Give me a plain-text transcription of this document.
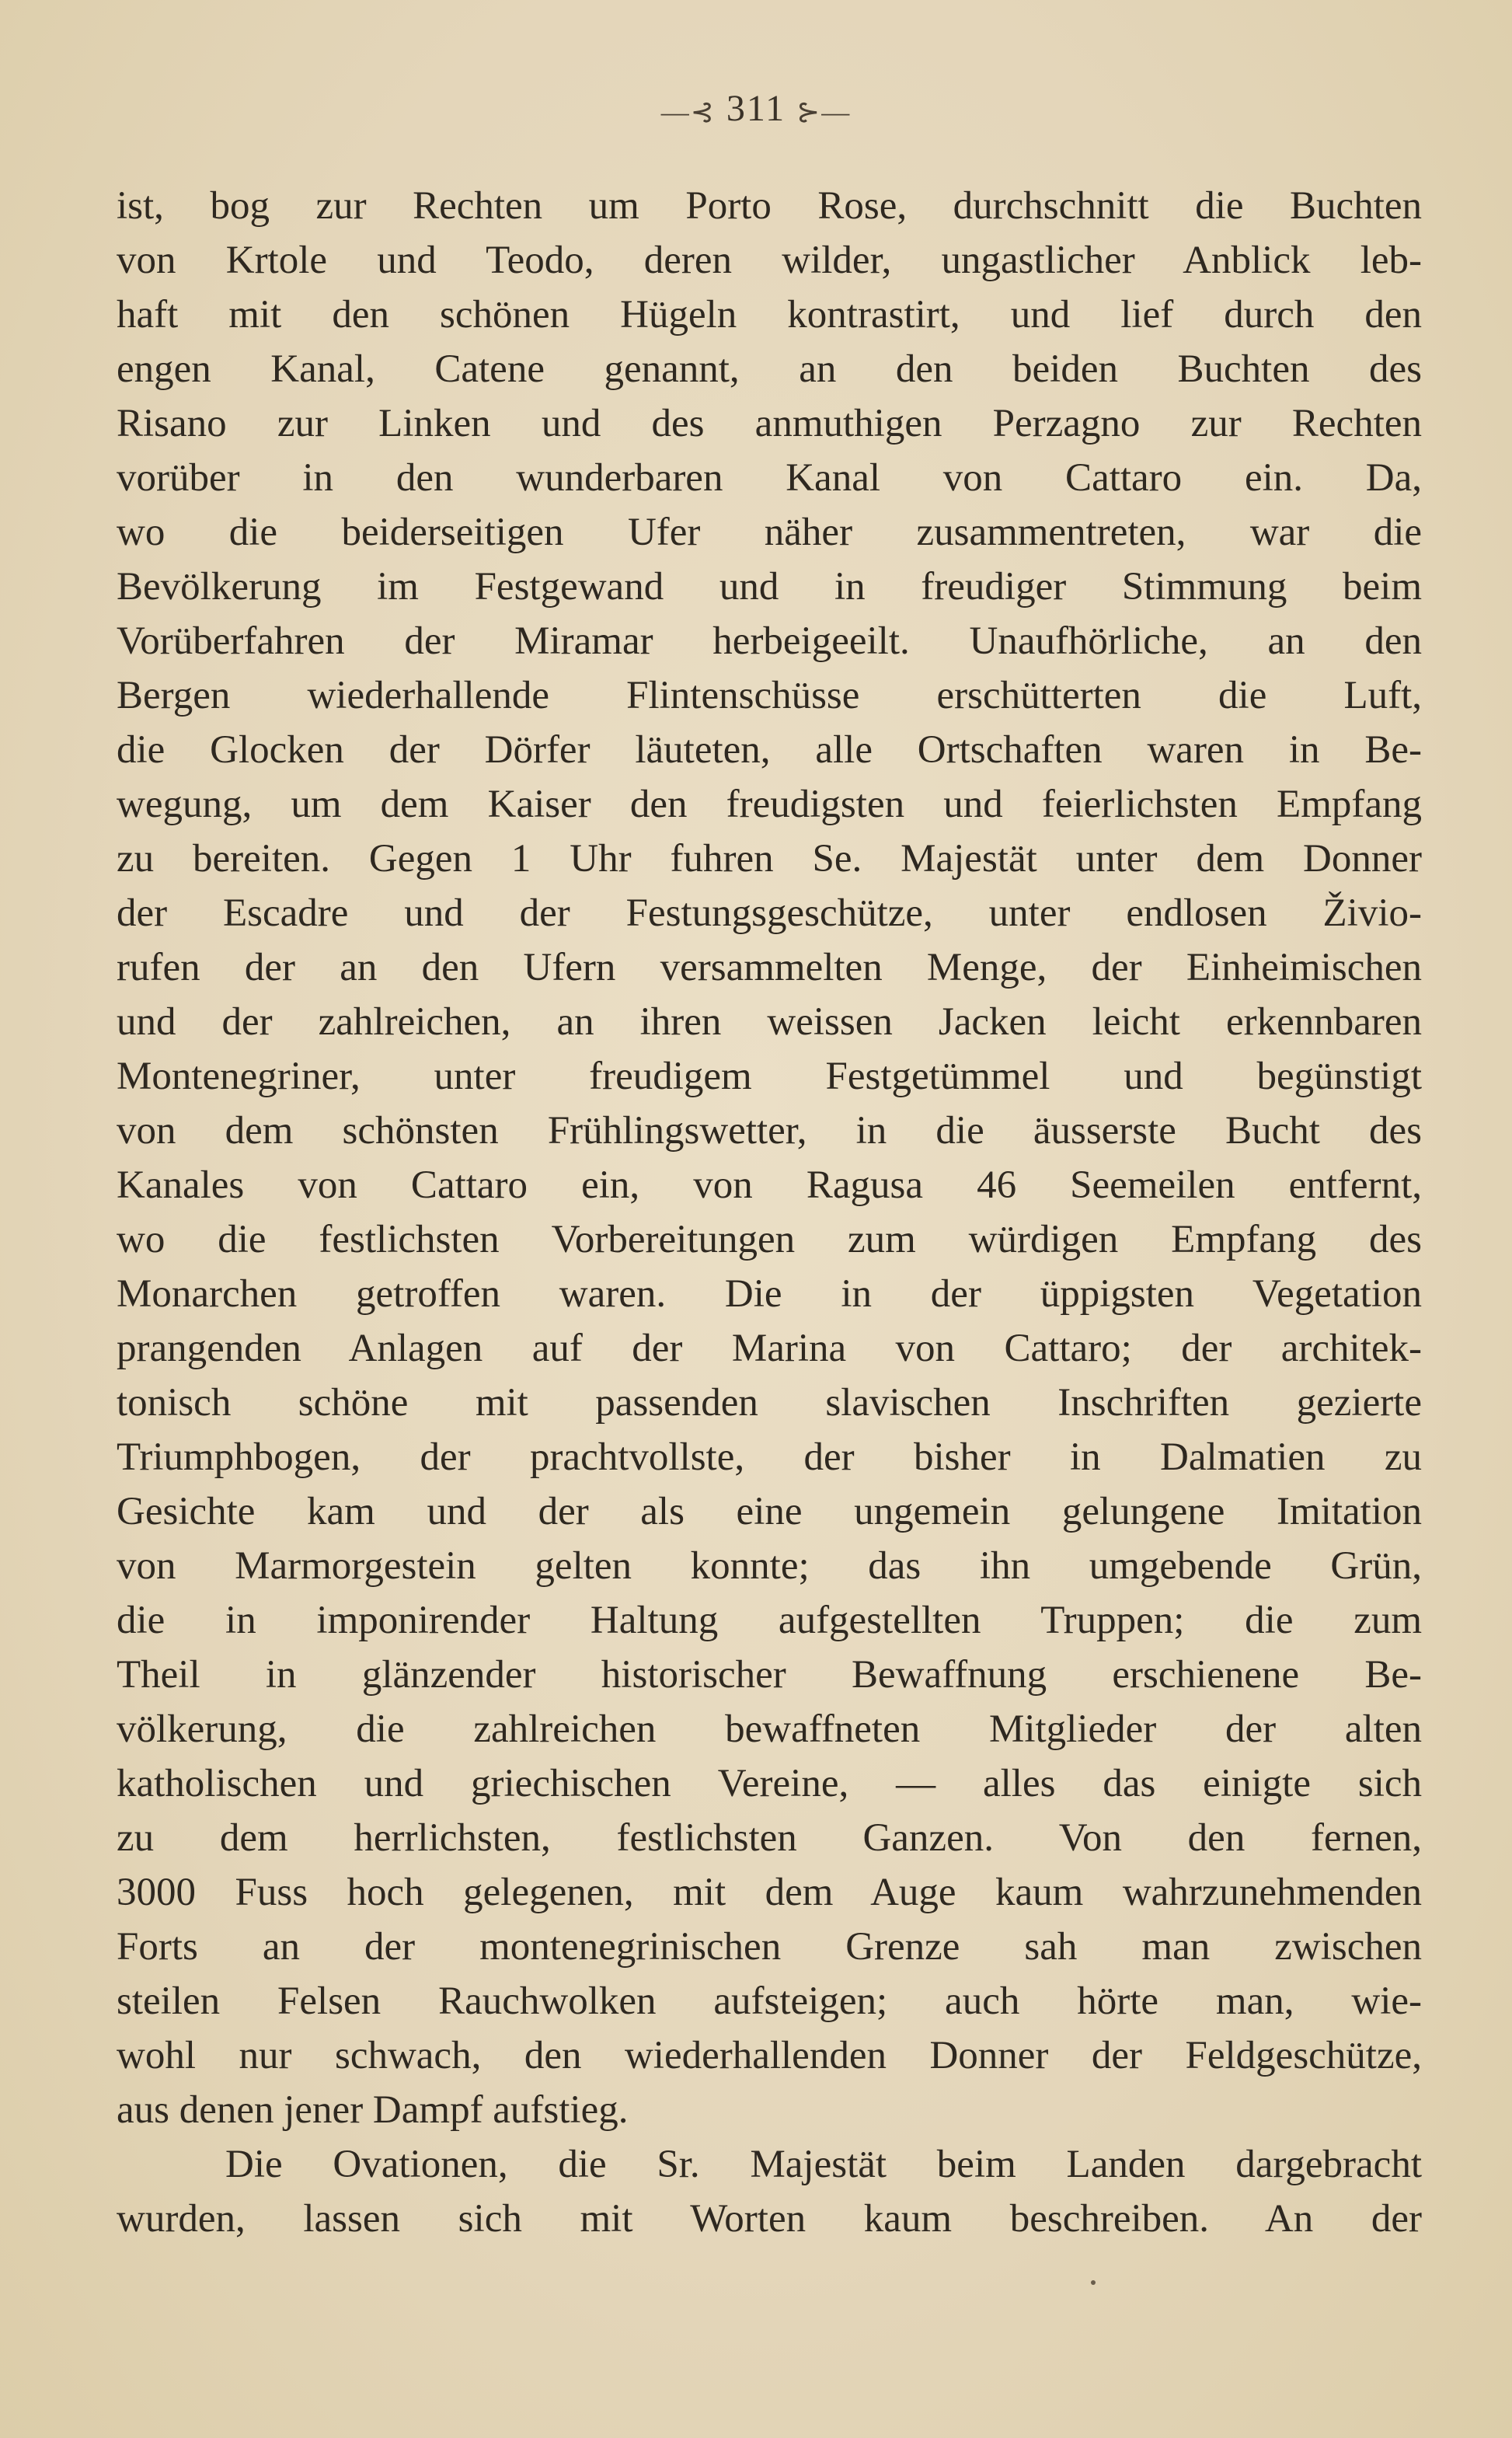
—⊰ 311 ⊱—
ist, bog zur Rechten um Porto Rose, durchschnitt die Buchten
von Krtole und Teodo, deren wilder, ungastlicher Anblick leb-
haft mit den schönen Hügeln kontrastirt, und lief durch den
engen Kanal, Catene genannt, an den beiden Buchten des
Risano zur Linken und des anmuthigen Perzagno zur Rechten
vorüber in den wunderbaren Kanal von Cattaro ein. Da,
wo die beiderseitigen Ufer näher zusammentreten, war die
Bevölkerung im Festgewand und in freudiger Stimmung beim
Vorüberfahren der Miramar herbeigeeilt. Unaufhörliche, an den
Bergen wiederhallende Flintenschüsse erschütterten die Luft,
die Glocken der Dörfer läuteten, alle Ortschaften waren in Be-
wegung, um dem Kaiser den freudigsten und feierlichsten Empfang
zu bereiten. Gegen 1 Uhr fuhren Se. Majestät unter dem Donner
der Escadre und der Festungsgeschütze, unter endlosen Živio-
rufen der an den Ufern versammelten Menge, der Einheimischen
und der zahlreichen, an ihren weissen Jacken leicht erkennbaren
Montenegriner, unter freudigem Festgetümmel und begünstigt
von dem schönsten Frühlingswetter, in die äusserste Bucht des
Kanales von Cattaro ein, von Ragusa 46 Seemeilen entfernt,
wo die festlichsten Vorbereitungen zum würdigen Empfang des
Monarchen getroffen waren. Die in der üppigsten Vegetation
prangenden Anlagen auf der Marina von Cattaro; der architek-
tonisch schöne mit passenden slavischen Inschriften gezierte
Triumphbogen, der prachtvollste, der bisher in Dalmatien zu
Gesichte kam und der als eine ungemein gelungene Imitation
von Marmorgestein gelten konnte; das ihn umgebende Grün,
die in imponirender Haltung aufgestellten Truppen; die zum
Theil in glänzender historischer Bewaffnung erschienene Be-
völkerung, die zahlreichen bewaffneten Mitglieder der alten
katholischen und griechischen Vereine, — alles das einigte sich
zu dem herrlichsten, festlichsten Ganzen. Von den fernen,
3000 Fuss hoch gelegenen, mit dem Auge kaum wahrzunehmenden
Forts an der montenegrinischen Grenze sah man zwischen
steilen Felsen Rauchwolken aufsteigen; auch hörte man, wie-
wohl nur schwach, den wiederhallenden Donner der Feldgeschütze,
aus denen jener Dampf aufstieg.
Die Ovationen, die Sr. Majestät beim Landen dargebracht
wurden, lassen sich mit Worten kaum beschreiben. An der
